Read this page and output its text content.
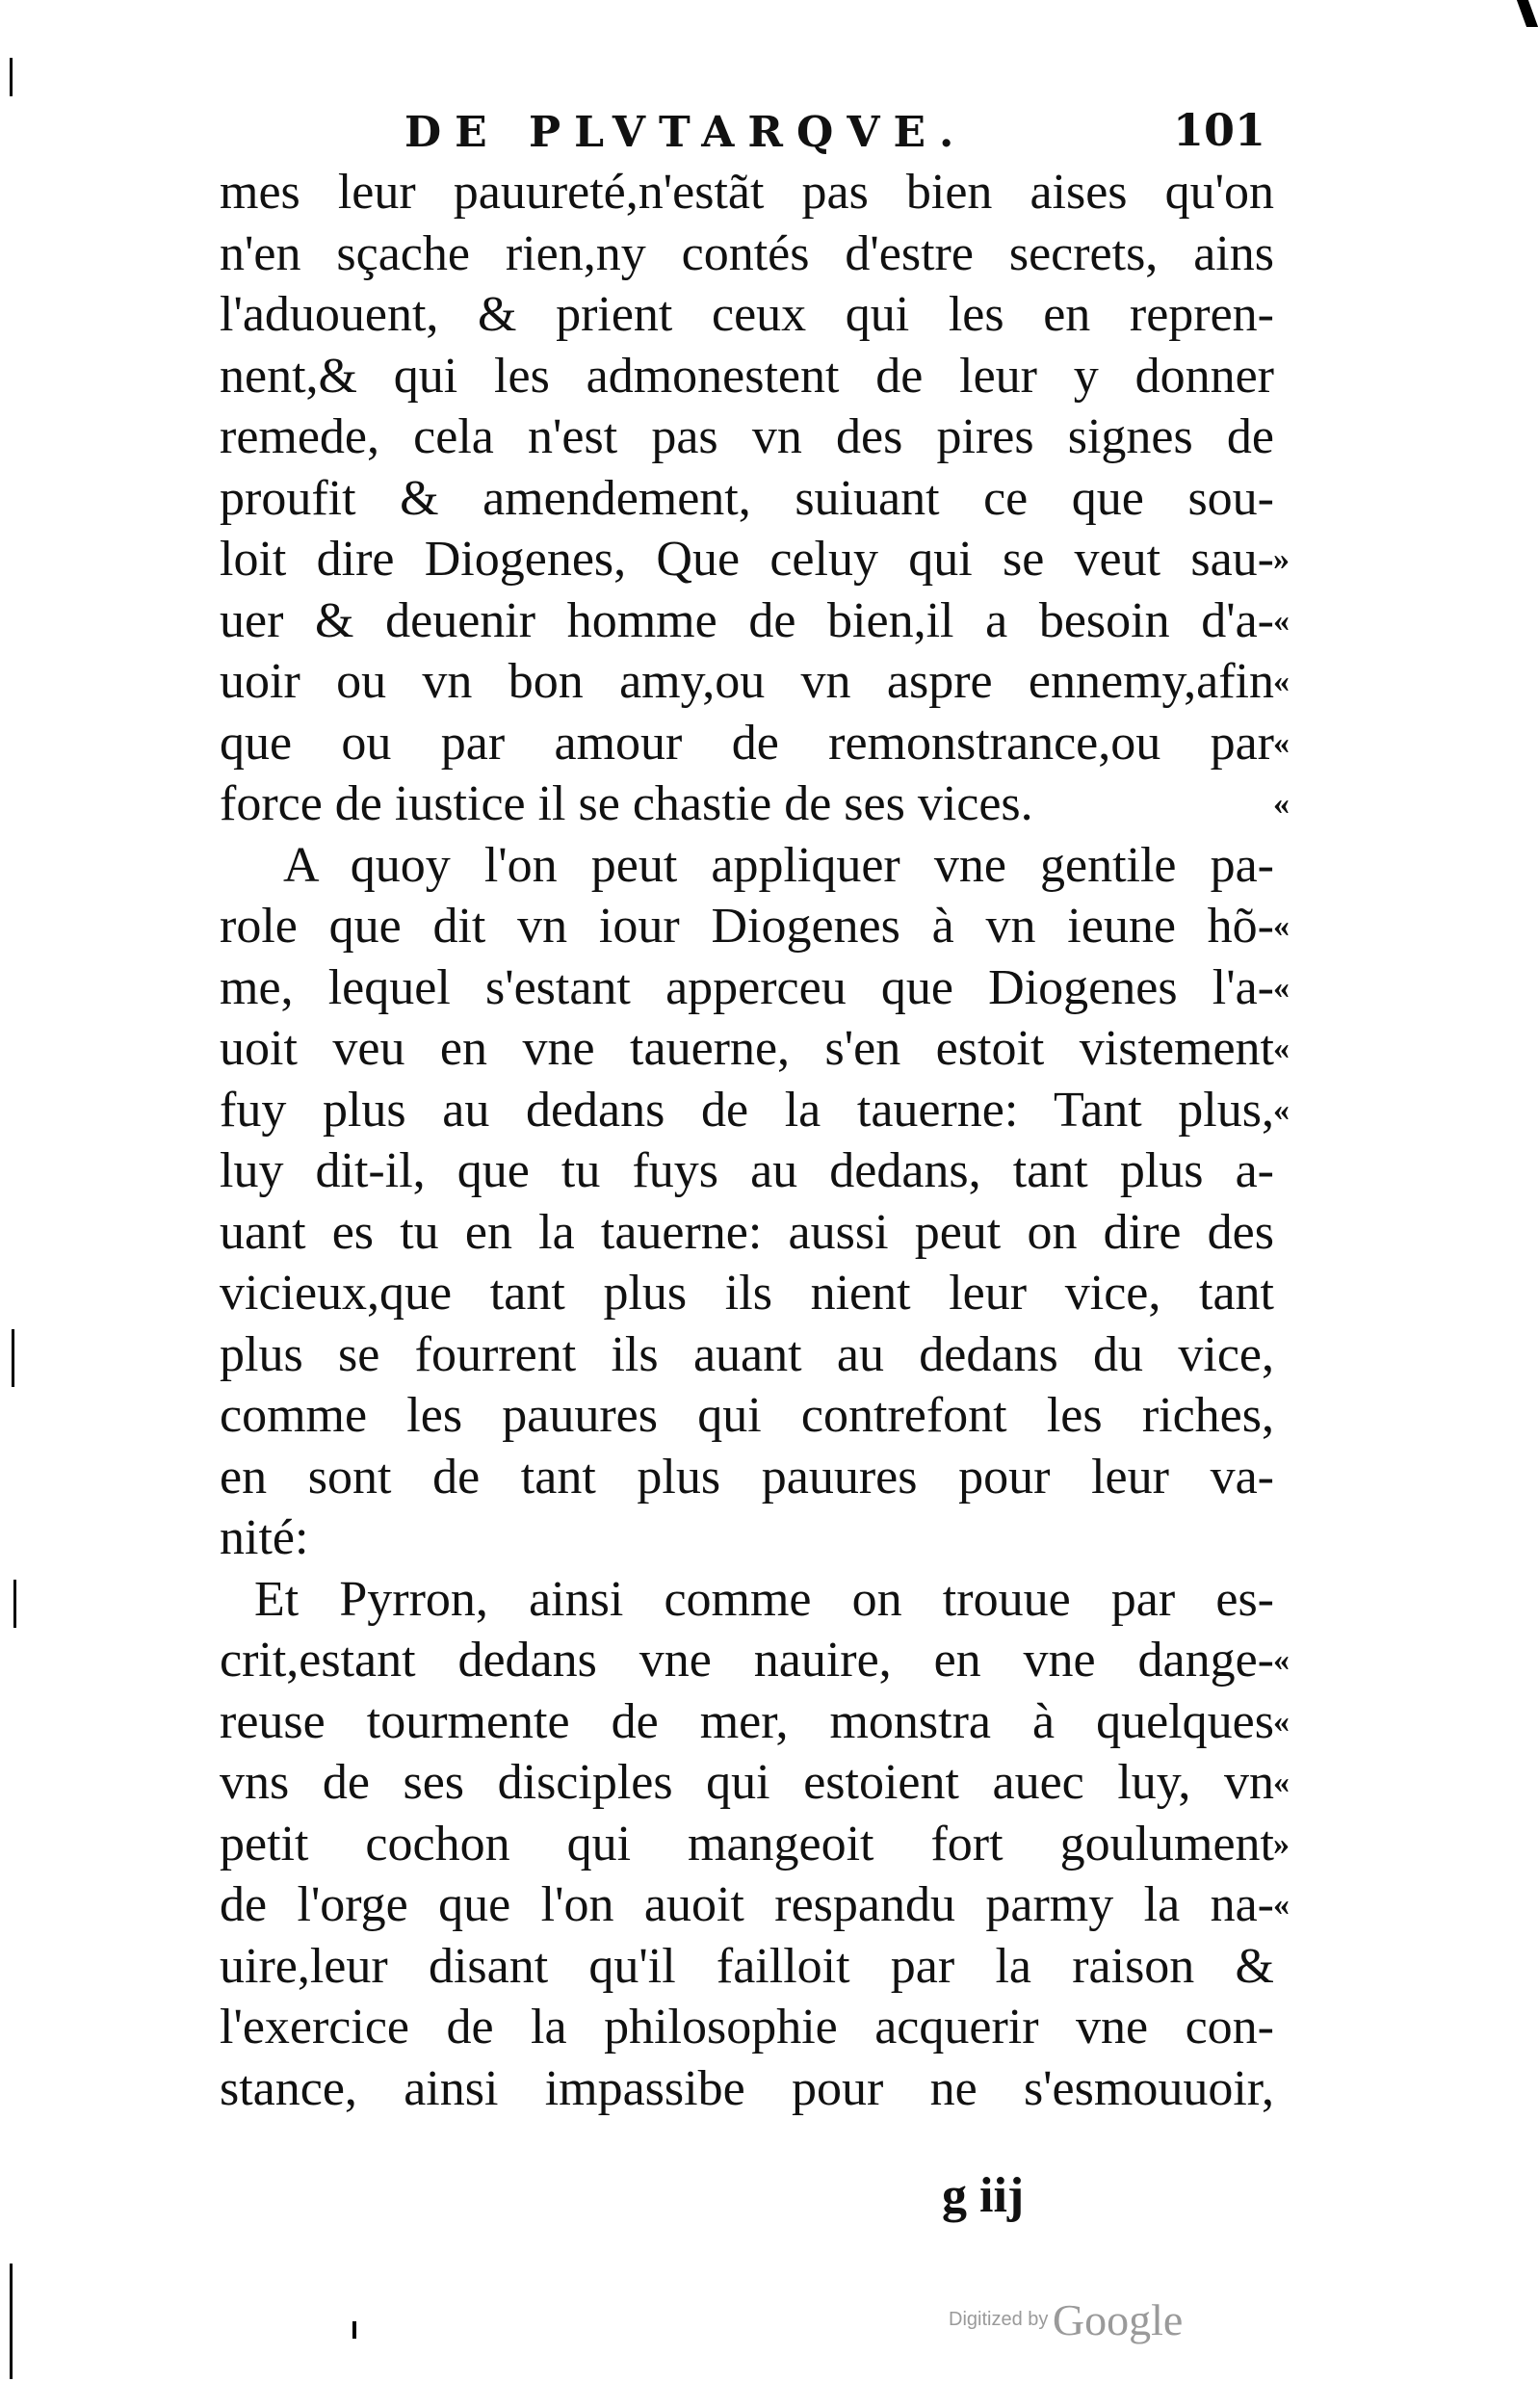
DE PLVTARQVE.	101
mes leur pauureté,n'estãt pas bien aises qu'on
n'en sçache rien,ny contés d'estre secrets, ains
l'aduouent, & prient ceux qui les en repren-
nent,& qui les admonestent de leur y donner
remede, cela n'est pas vn des pires signes de
proufit & amendement, suiuant ce que sou-
loit dire Diogenes, Que celuy qui se veut sau-
uer & deuenir homme de bien,il a besoin d'a-
uoir ou vn bon amy,ou vn aspre ennemy,afin
que ou par amour de remonstrance,ou par
force de iustice il se chastie de ses vices.
A quoy l'on peut appliquer vne gentile pa-
role que dit vn iour Diogenes à vn ieune hõ-
me, lequel s'estant apperceu que Diogenes l'a-
uoit veu en vne tauerne, s'en estoit vistement
fuy plus au dedans de la tauerne: Tant plus,
luy dit-il, que tu fuys au dedans, tant plus a-
uant es tu en la tauerne: aussi peut on dire des
vicieux,que tant plus ils nient leur vice, tant
plus se fourrent ils auant au dedans du vice,
comme les pauures qui contrefont les riches,
en sont de tant plus pauures pour leur va-
nité:
Et Pyrron, ainsi comme on trouue par es-
crit,estant dedans vne nauire, en vne dange-
reuse tourmente de mer, monstra à quelques
vns de ses disciples qui estoient auec luy, vn
petit cochon qui mangeoit fort goulument
de l'orge que l'on auoit respandu parmy la na-
uire,leur disant qu'il failloit par la raison &
l'exercice de la philosophie acquerir vne con-
stance, ainsi impassibe pour ne s'esmouuoir,
»
«
«
«
«
«
«
«
«
«
«
«
»
«
g iij
Digitized by Google
